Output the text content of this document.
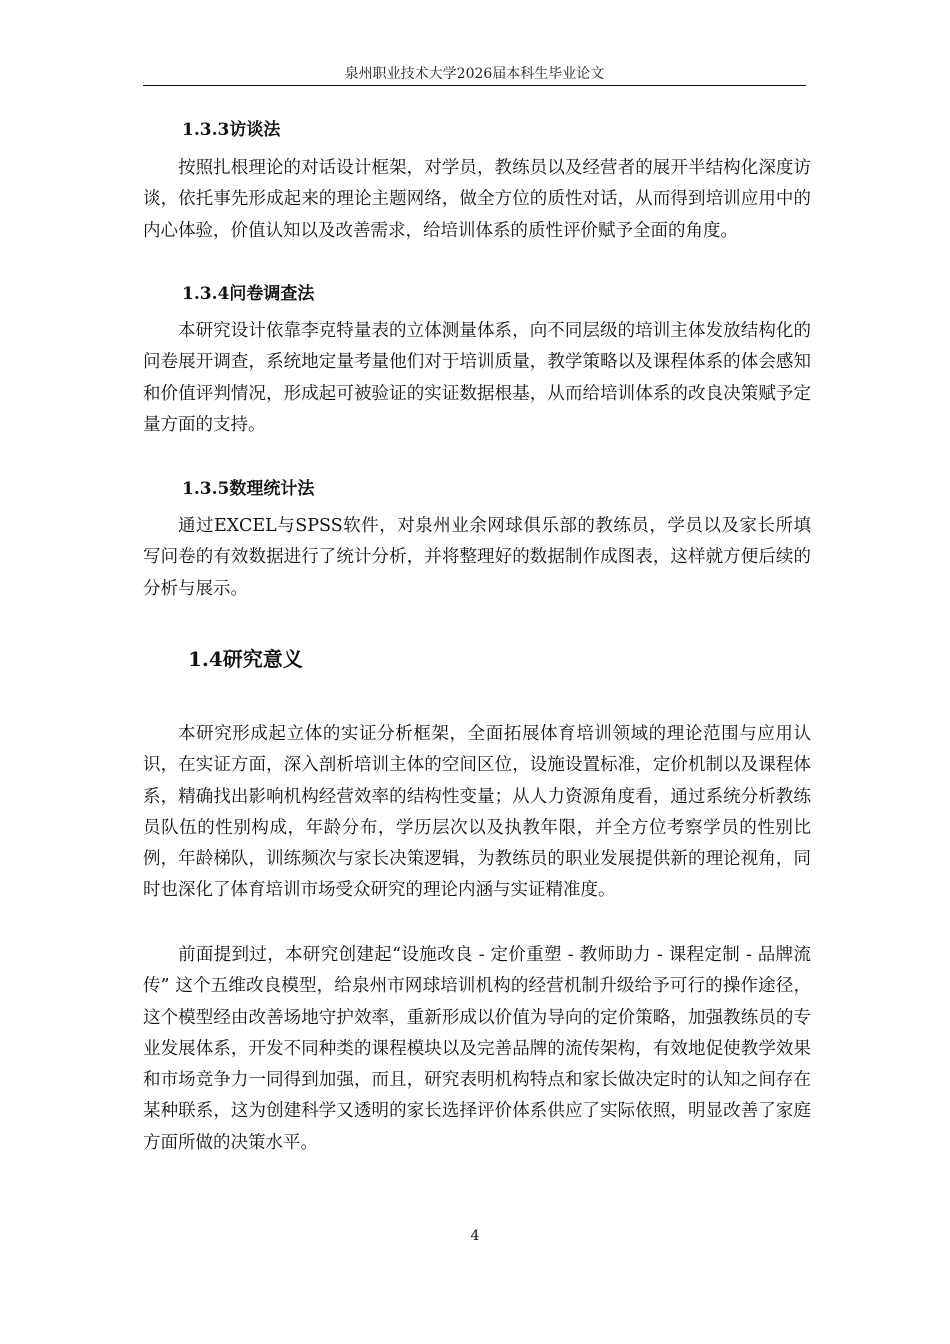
泉州职业技术大学2026届本科生毕业论文
1.3.3访谈法

按照扎根理论的对话设计框架，对学员，教练员以及经营者的展开半结构化深度访谈，依托事先形成起来的理论主题网络，做全方位的质性对话，从而得到培训应用中的内心体验，价值认知以及改善需求，给培训体系的质性评价赋予全面的角度。

1.3.4问卷调查法

本研究设计依靠李克特量表的立体测量体系，向不同层级的培训主体发放结构化的问卷展开调查，系统地定量考量他们对于培训质量，教学策略以及课程体系的体会感知和价值评判情况，形成起可被验证的实证数据根基，从而给培训体系的改良决策赋予定量方面的支持。

1.3.5数理统计法

通过EXCEL与SPSS软件，对泉州业余网球俱乐部的教练员，学员以及家长所填写问卷的有效数据进行了统计分析，并将整理好的数据制作成图表，这样就方便后续的分析与展示。

1.4研究意义

本研究形成起立体的实证分析框架，全面拓展体育培训领域的理论范围与应用认识，在实证方面，深入剖析培训主体的空间区位，设施设置标准，定价机制以及课程体系，精确找出影响机构经营效率的结构性变量；从人力资源角度看，通过系统分析教练员队伍的性别构成，年龄分布，学历层次以及执教年限，并全方位考察学员的性别比例，年龄梯队，训练频次与家长决策逻辑，为教练员的职业发展提供新的理论视角，同时也深化了体育培训市场受众研究的理论内涵与实证精准度。

前面提到过，本研究创建起“设施改良 - 定价重塑 - 教师助力 - 课程定制 - 品牌流传” 这个五维改良模型，给泉州市网球培训机构的经营机制升级给予可行的操作途径，这个模型经由改善场地守护效率，重新形成以价值为导向的定价策略，加强教练员的专业发展体系，开发不同种类的课程模块以及完善品牌的流传架构，有效地促使教学效果和市场竞争力一同得到加强，而且，研究表明机构特点和家长做决定时的认知之间存在某种联系，这为创建科学又透明的家长选择评价体系供应了实际依照，明显改善了家庭方面所做的决策水平。

4
